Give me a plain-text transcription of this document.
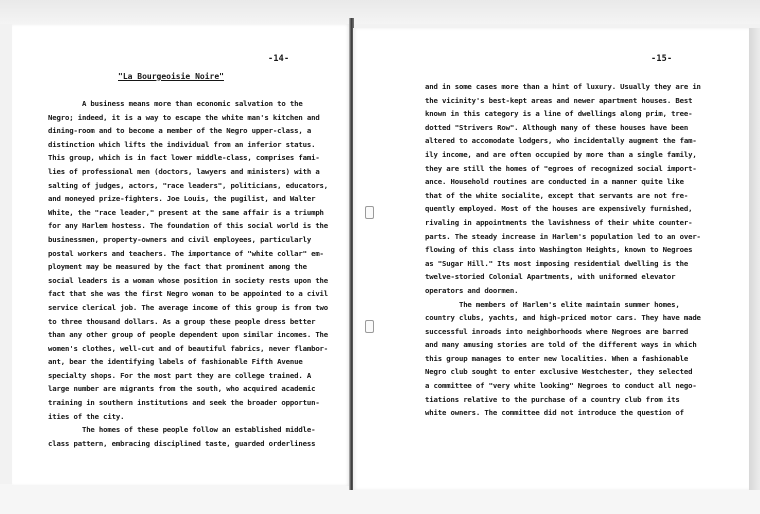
-14-
"La Bourgeoisie Noire"
A business means more than economic salvation to the
Negro; indeed, it is a way to escape the white man's kitchen and
dining-room and to become a member of the Negro upper-class, a
distinction which lifts the individual from an inferior status.
This group, which is in fact lower middle-class, comprises fami-
lies of professional men (doctors, lawyers and ministers) with a
salting of judges, actors, "race leaders", politicians, educators,
and moneyed prize-fighters. Joe Louis, the pugilist, and Walter
White, the "race leader," present at the same affair is a triumph
for any Harlem hostess. The foundation of this social world is the
businessmen, property-owners and civil employees, particularly
postal workers and teachers. The importance of "white collar" em-
ployment may be measured by the fact that prominent among the
social leaders is a woman whose position in society rests upon the
fact that she was the first Negro woman to be appointed to a civil
service clerical job. The average income of this group is from two
to three thousand dollars. As a group these people dress better
than any other group of people dependent upon similar incomes. The
women's clothes, well-cut and of beautiful fabrics, never flambor-
ant, bear the identifying labels of fashionable Fifth Avenue
specialty shops. For the most part they are college trained. A
large number are migrants from the south, who acquired academic
training in southern institutions and seek the broader opportun-
ities of the city.
The homes of these people follow an established middle-
class pattern, embracing disciplined taste, guarded orderliness
-15-
and in some cases more than a hint of luxury. Usually they are in
the vicinity's best-kept areas and newer apartment houses. Best
known in this category is a line of dwellings along prim, tree-
dotted "Strivers Row". Although many of these houses have been
altered to accomodate lodgers, who incidentally augment the fam-
ily income, and are often occupied by more than a single family,
they are still the homes of "egroes of recognized social import-
ance. Household routines are conducted in a manner quite like
that of the white socialite, except that servants are not fre-
quently employed. Most of the houses are expensively furnished,
rivaling in appointments the lavishness of their white counter-
parts. The steady increase in Harlem's population led to an over-
flowing of this class into Washington Heights, known to Negroes
as "Sugar Hill." Its most imposing residential dwelling is the
twelve-storied Colonial Apartments, with uniformed elevator
operators and doormen.
The members of Harlem's elite maintain summer homes,
country clubs, yachts, and high-priced motor cars. They have made
successful inroads into neighborhoods where Negroes are barred
and many amusing stories are told of the different ways in which
this group manages to enter new localities. When a fashionable
Negro club sought to enter exclusive Westchester, they selected
a committee of "very white looking" Negroes to conduct all nego-
tiations relative to the purchase of a country club from its
white owners. The committee did not introduce the question of
